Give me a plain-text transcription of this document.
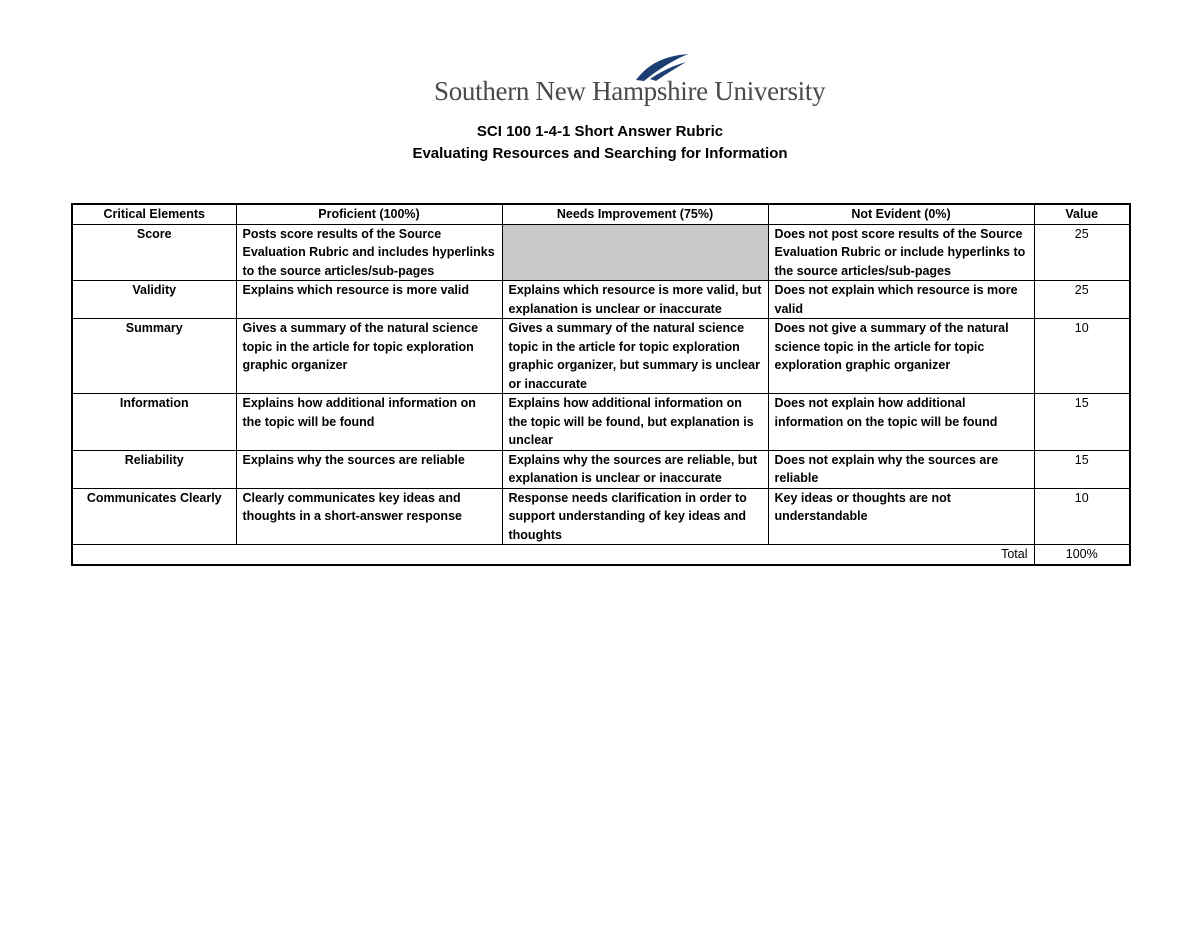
Southern New Hampshire University
SCI 100 1-4-1 Short Answer Rubric
Evaluating Resources and Searching for Information
Critical Elements	Proficient (100%)	Needs Improvement (75%)	Not Evident (0%)	Value
Score	Posts score results of the Source Evaluation Rubric and includes hyperlinks to the source articles/sub-pages		Does not post score results of the Source Evaluation Rubric or include hyperlinks to the source articles/sub-pages	25
Validity	Explains which resource is more valid	Explains which resource is more valid, but explanation is unclear or inaccurate	Does not explain which resource is more valid	25
Summary	Gives a summary of the natural science topic in the article for topic exploration graphic organizer	Gives a summary of the natural science topic in the article for topic exploration graphic organizer, but summary is unclear or inaccurate	Does not give a summary of the natural science topic in the article for topic exploration graphic organizer	10
Information	Explains how additional information on the topic will be found	Explains how additional information on the topic will be found, but explanation is unclear	Does not explain how additional information on the topic will be found	15
Reliability	Explains why the sources are reliable	Explains why the sources are reliable, but explanation is unclear or inaccurate	Does not explain why the sources are reliable	15
Communicates Clearly	Clearly communicates key ideas and thoughts in a short-answer response	Response needs clarification in order to support understanding of key ideas and thoughts	Key ideas or thoughts are not understandable	10
Total				100%
